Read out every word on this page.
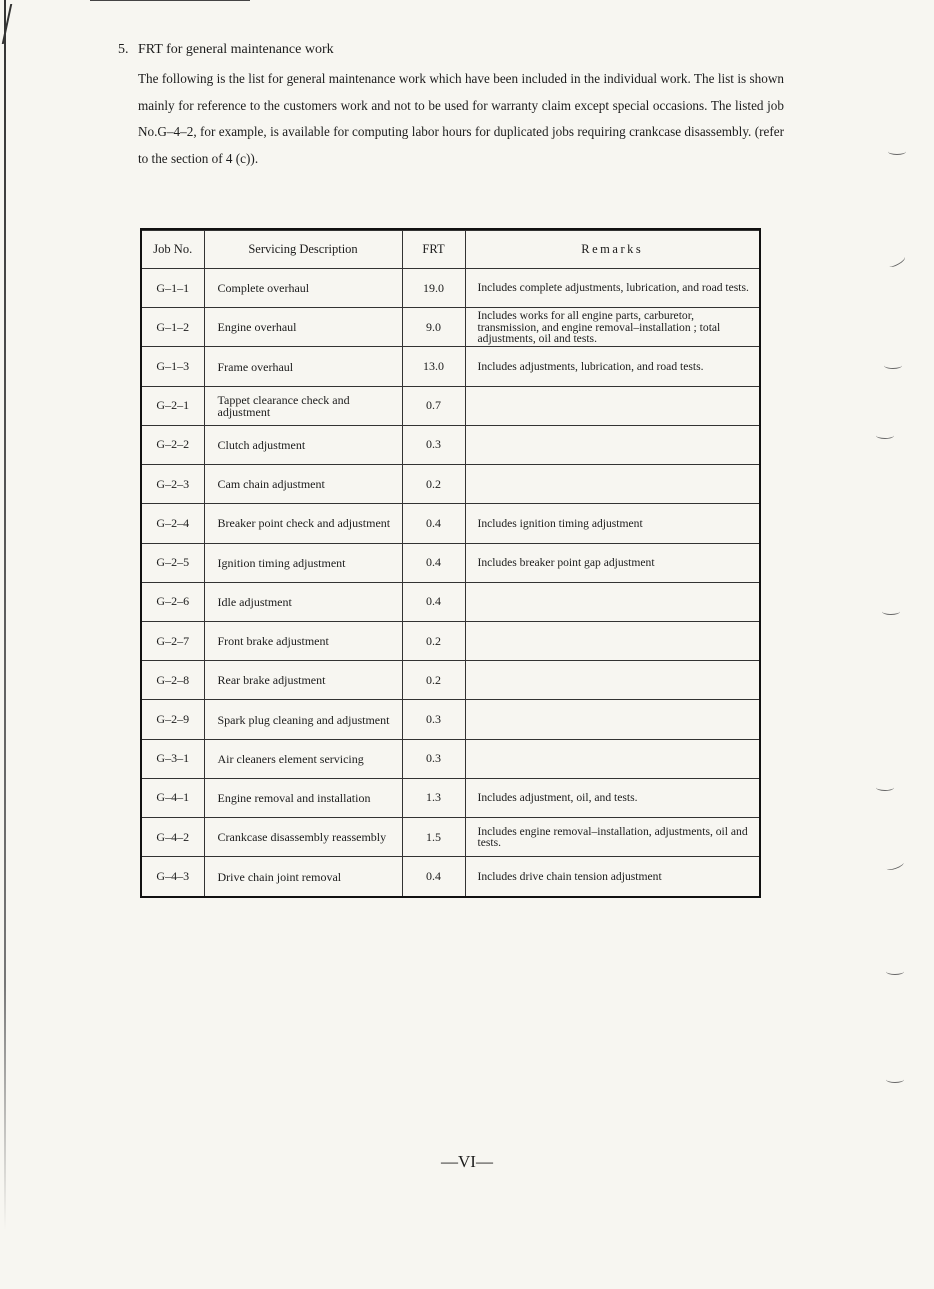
5. FRT for general maintenance work

The following is the list for general maintenance work which have been included in the individual work. The list is shown mainly for reference to the customers work and not to be used for warranty claim except special occasions. The listed job No.G–4–2, for example, is available for computing labor hours for duplicated jobs requiring crankcase disassembly. (refer to the section of 4 (c)).

Job No.	Servicing Description	FRT	Remarks
G–1–1	Complete overhaul	19.0	Includes complete adjustments, lubrication, and road tests.
G–1–2	Engine overhaul	9.0	Includes works for all engine parts, carburetor, transmission, and engine removal–installation ; total adjustments, oil and tests.
G–1–3	Frame overhaul	13.0	Includes adjustments, lubrication, and road tests.
G–2–1	Tappet clearance check and adjustment	0.7	
G–2–2	Clutch adjustment	0.3	
G–2–3	Cam chain adjustment	0.2	
G–2–4	Breaker point check and adjustment	0.4	Includes ignition timing adjustment
G–2–5	Ignition timing adjustment	0.4	Includes breaker point gap adjustment
G–2–6	Idle adjustment	0.4	
G–2–7	Front brake adjustment	0.2	
G–2–8	Rear brake adjustment	0.2	
G–2–9	Spark plug cleaning and adjustment	0.3	
G–3–1	Air cleaners element servicing	0.3	
G–4–1	Engine removal and installation	1.3	Includes adjustment, oil, and tests.
G–4–2	Crankcase disassembly reassembly	1.5	Includes engine removal–installation, adjustments, oil and tests.
G–4–3	Drive chain joint removal	0.4	Includes drive chain tension adjustment
—VI—
